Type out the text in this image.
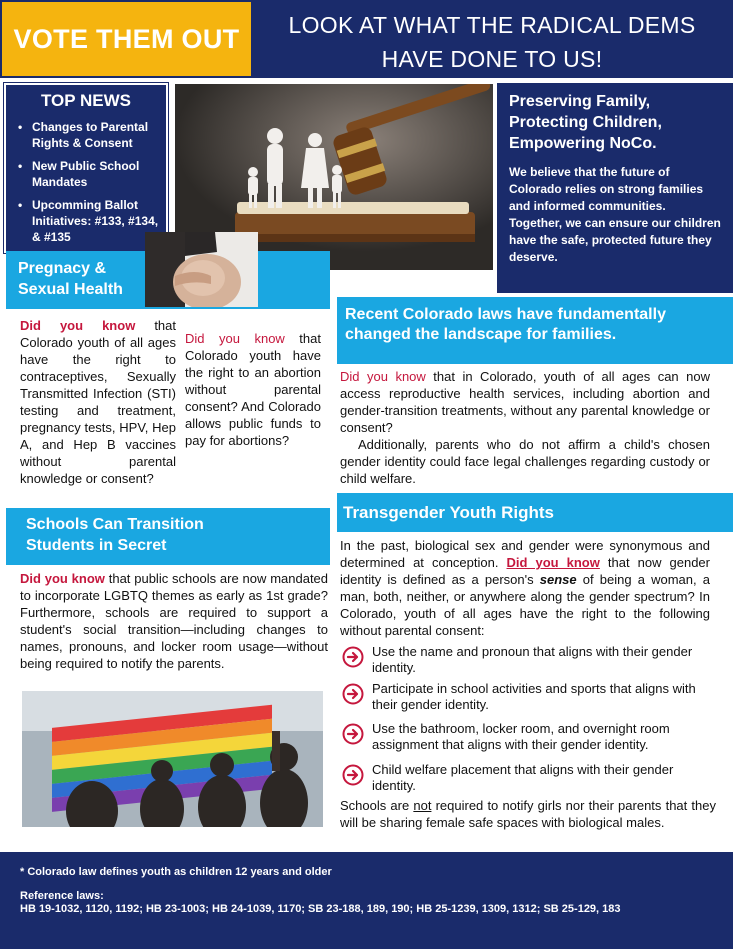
VOTE THEM OUT	LOOK AT WHAT THE RADICAL DEMS
HAVE DONE TO US!
TOP NEWS
• Changes to Parental Rights & Consent
• New Public School Mandates
• Upcomming Ballot Initiatives: #133, #134, & #135
Preserving Family, Protecting Children, Empowering NoCo.

We believe that the future of Colorado relies on strong families and informed communities. Together, we can ensure our children have the safe, protected future they deserve.

Pregnacy &
Sexual Health
Did you know that Colorado youth of all ages have the right to contraceptives, Sexually Transmitted Infection (STI) testing and treatment, pregnancy tests, HPV, Hep A, and Hep B vaccines without parental knowledge or consent?
Did you know that Colorado youth have the right to an abortion without parental consent? And Colorado allows public funds to pay for abortions?
Recent Colorado laws have fundamentally changed the landscape for families.

Did you know that in Colorado, youth of all ages can now access reproductive health services, including abortion and gender-transition treatments, without any parental knowledge or consent?

Additionally, parents who do not affirm a child's chosen gender identity could face legal challenges regarding custody or child welfare.

Schools Can Transition
Students in Secret
Did you know that public schools are now mandated to incorporate LGBTQ themes as early as 1st grade? Furthermore, schools are required to support a student's social transition—including changes to names, pronouns, and locker room usage—without being required to notify the parents.
Transgender Youth Rights
In the past, biological sex and gender were synonymous and determined at conception. Did you know that now gender identity is defined as a person's sense of being a woman, a man, both, neither, or anywhere along the gender spectrum? In Colorado, youth of all ages have the right to the following without parental consent:
Use the name and pronoun that aligns with their gender identity.
Participate in school activities and sports that aligns with their gender identity.
Use the bathroom, locker room, and overnight room assignment that aligns with their gender identity.
Child welfare placement that aligns with their gender identity.
Schools are not required to notify girls nor their parents that they will be sharing female safe spaces with biological males.
* Colorado law defines youth as children 12 years and older
Reference laws:
HB 19-1032, 1120, 1192; HB 23-1003; HB 24-1039, 1170; SB 23-188, 189, 190; HB 25-1239, 1309, 1312; SB 25-129, 183
